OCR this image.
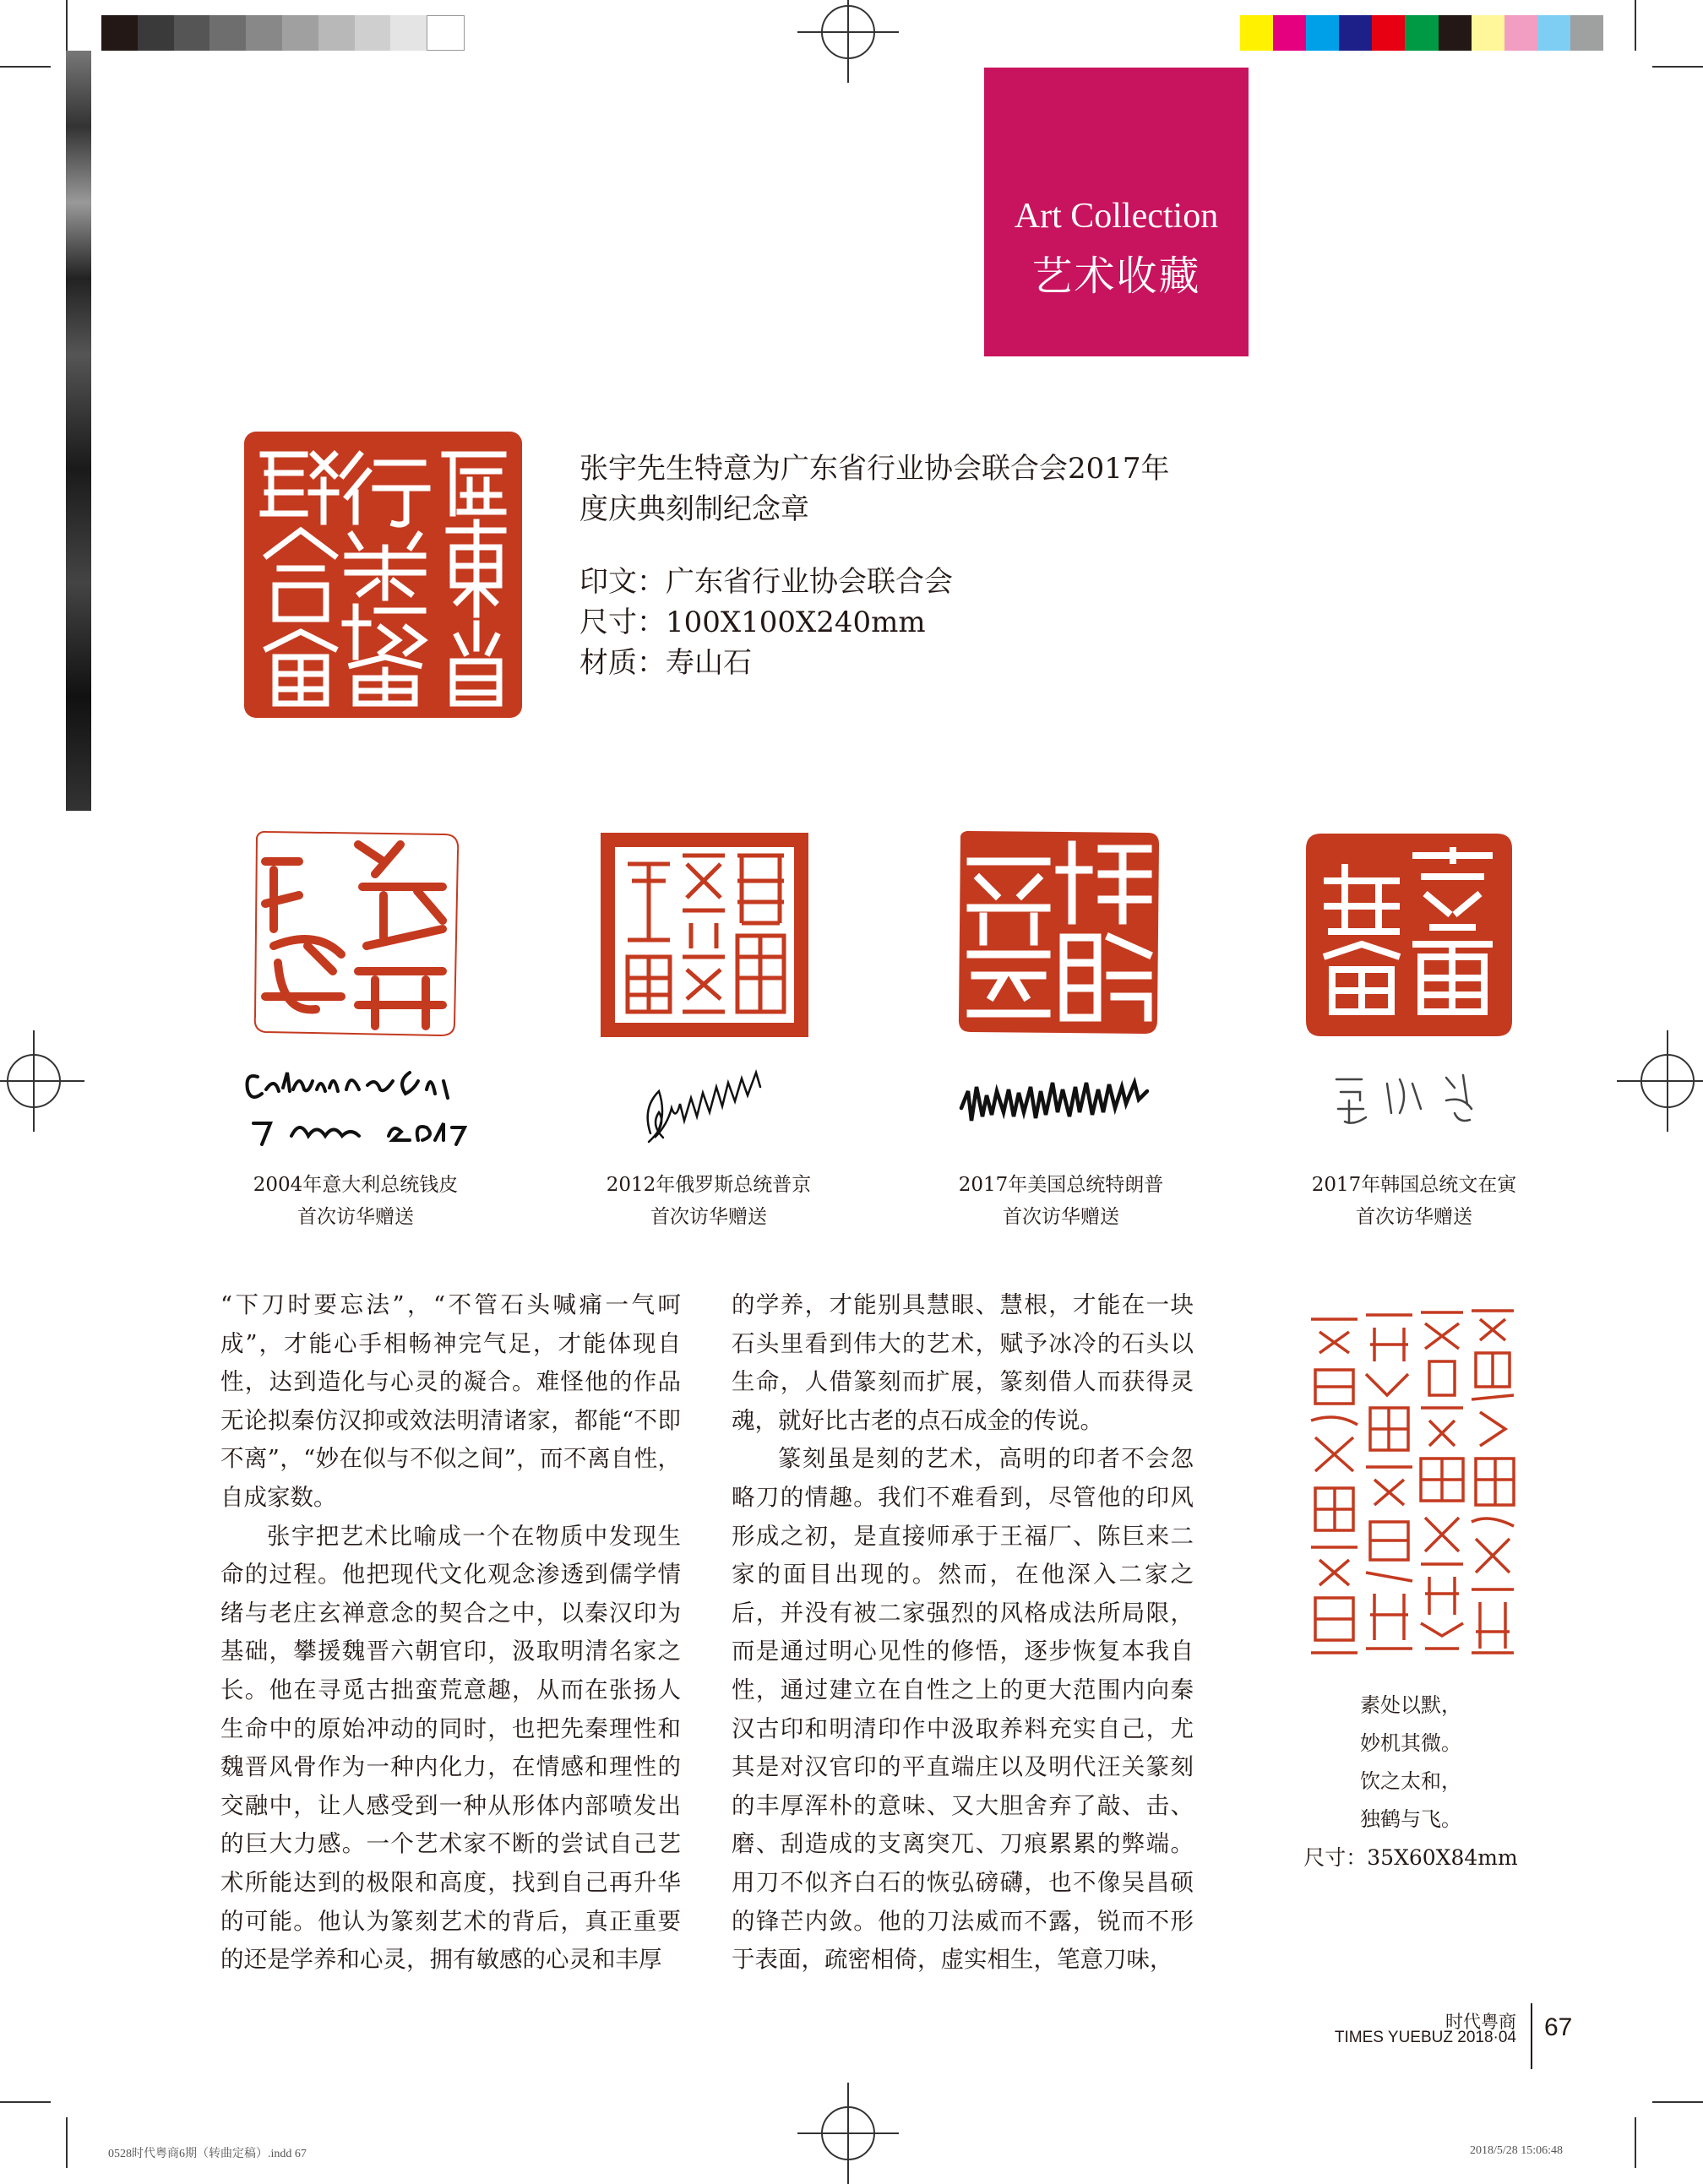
Art Collection
艺术收藏

张宇先生特意为广东省行业协会联合会2017年

度庆典刻制纪念章

印文：广东省行业协会联合会

尺寸：100X100X240mm

材质：寿山石

2004年意大利总统钱皮
首次访华赠送
2012年俄罗斯总统普京
首次访华赠送
2017年美国总统特朗普
首次访华赠送
2017年韩国总统文在寅
首次访华赠送

“下刀时要忘法”，“不管石头喊痛一气呵成”，才能心手相畅神完气足，才能体现自性，达到造化与心灵的凝合。难怪他的作品无论拟秦仿汉抑或效法明清诸家，都能“不即不离”，“妙在似与不似之间”，而不离自性，自成家数。

张宇把艺术比喻成一个在物质中发现生命的过程。他把现代文化观念渗透到儒学情绪与老庄玄禅意念的契合之中，以秦汉印为基础，攀援魏晋六朝官印，汲取明清名家之长。他在寻觅古拙蛮荒意趣，从而在张扬人生命中的原始冲动的同时，也把先秦理性和魏晋风骨作为一种内化力，在情感和理性的交融中，让人感受到一种从形体内部喷发出的巨大力感。一个艺术家不断的尝试自己艺术所能达到的极限和高度，找到自己再升华的可能。他认为篆刻艺术的背后，真正重要的还是学养和心灵，拥有敏感的心灵和丰厚

的学养，才能别具慧眼、慧根，才能在一块石头里看到伟大的艺术，赋予冰冷的石头以生命，人借篆刻而扩展，篆刻借人而获得灵魂，就好比古老的点石成金的传说。

篆刻虽是刻的艺术，高明的印者不会忽略刀的情趣。我们不难看到，尽管他的印风形成之初，是直接师承于王福厂、陈巨来二家的面目出现的。然而，在他深入二家之后，并没有被二家强烈的风格成法所局限，而是通过明心见性的修悟，逐步恢复本我自性，通过建立在自性之上的更大范围内向秦汉古印和明清印作中汲取养料充实自己，尤其是对汉官印的平直端庄以及明代汪关篆刻的丰厚浑朴的意味、又大胆舍弃了敲、击、磨、刮造成的支离突兀、刀痕累累的弊端。用刀不似齐白石的恢弘磅礴，也不像吴昌硕的锋芒内敛。他的刀法威而不露，锐而不形于表面，疏密相倚，虚实相生，笔意刀味，

素处以默，
妙机其微。
饮之太和，
独鹤与飞。
尺寸：35X60X84mm
时代粤商
TIMES YUEBUZ 2018·04 67
0528时代粤商6期（转曲定稿）.indd 67	2018/5/28 15:06:48
